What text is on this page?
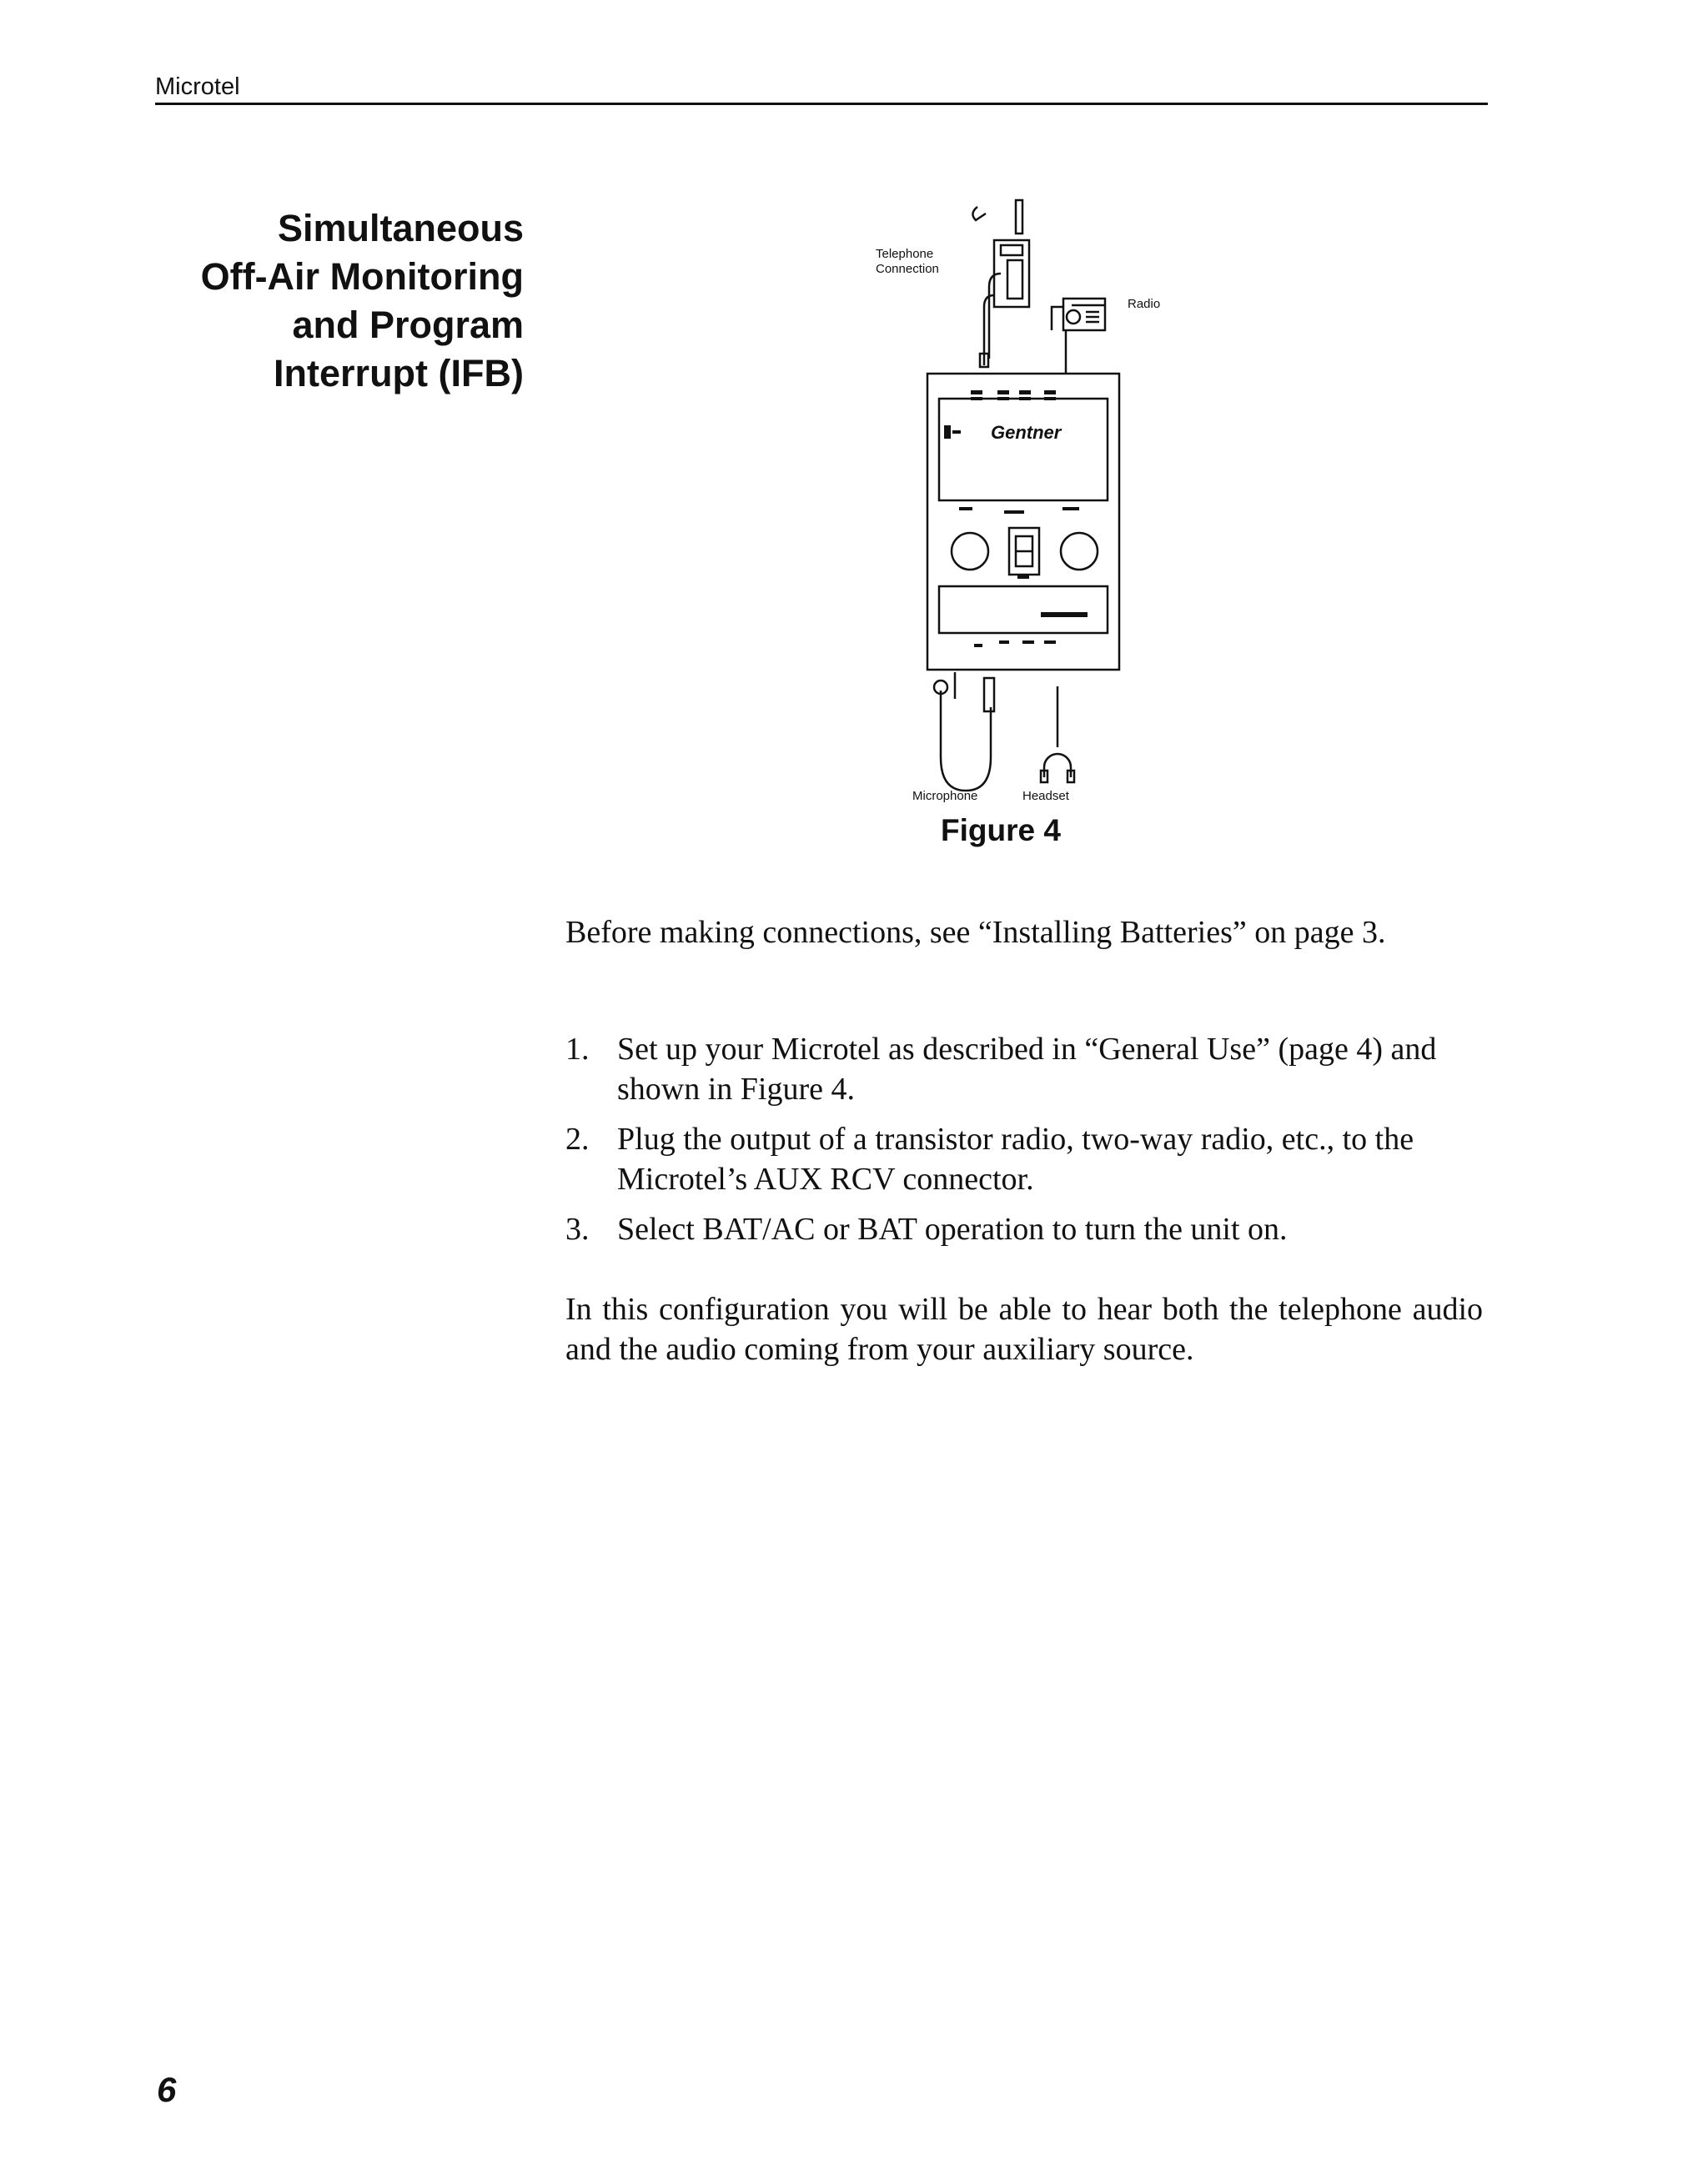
Microtel
Simultaneous
Off-Air Monitoring
and Program
Interrupt (IFB)
Telephone
Connection
Radio
Gentner
Microphone	Headset
Figure 4
Before making connections, see “Installing Batteries” on page 3.
1. Set up your Microtel as described in “General Use” (page 4) and shown in Figure 4.
2. Plug the output of a transistor radio, two-way radio, etc., to the Microtel’s AUX RCV connector.
3. Select BAT/AC or BAT operation to turn the unit on.
In this configuration you will be able to hear both the telephone audio and the audio coming from your auxiliary source.
6
